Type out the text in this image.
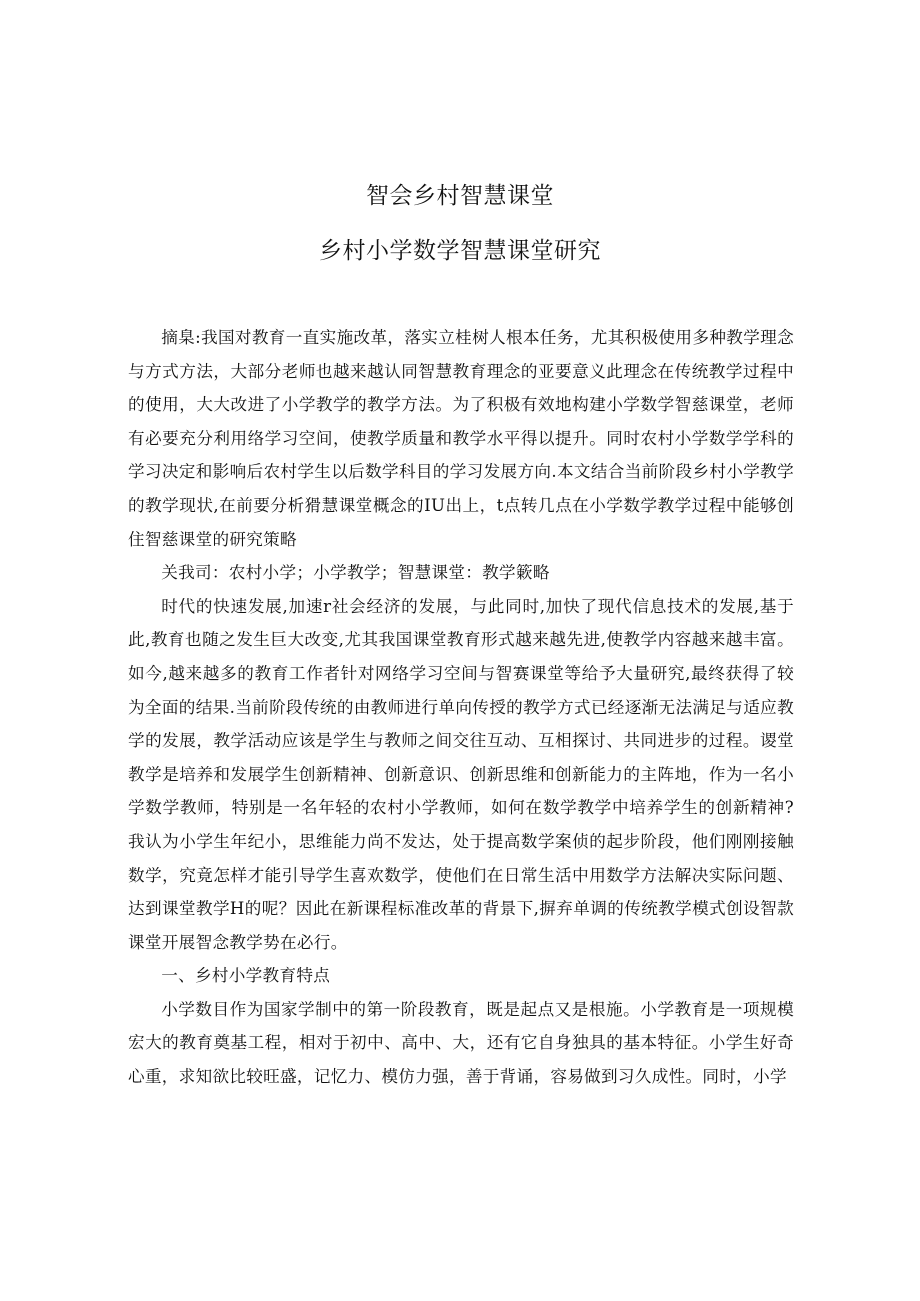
智会乡村智慧课堂
乡村小学数学智慧课堂研究

摘臬:我国对教育一直实施改革，落实立桂树人根本任务，尤其积极使用多种教学理念与方式方法，大部分老师也越来越认同智慧教育理念的亚要意义此理念在传统教学过程中的使用，大大改进了小学教学的教学方法。为了积极有效地构建小学数学智慈课堂，老师有必要充分利用络学习空间，使教学质量和教学水平得以提升。同时农村小学数学学科的学习决定和影响后农村学生以后数学科目的学习发展方向.本文结合当前阶段乡村小学教学的教学现状,在前要分析猾慧课堂概念的IU出上，t点转几点在小学数学教学过程中能够创住智慈课堂的研究策略

关我司：农村小学；小学教学；智慧课堂：教学簌略

时代的快速发展,加速r社会经济的发展，与此同时,加快了现代信息技术的发展,基于此,教育也随之发生巨大改变,尤其我国课堂教育形式越来越先进,使教学内容越来越丰富。如今,越来越多的教育工作者针对网络学习空间与智赛课堂等给予大量研究,最终获得了较为全面的结果.当前阶段传统的由教师进行单向传授的教学方式已经逐渐无法满足与适应教学的发展，教学活动应该是学生与教师之间交往互动、互相探讨、共同进步的过程。谡堂教学是培养和发展学生创新精神、创新意识、创新思维和创新能力的主阵地，作为一名小学数学教师，特别是一名年轻的农村小学教师，如何在数学教学中培养学生的创新精神?我认为小学生年纪小，思维能力尚不发达，处于提高数学案侦的起步阶段，他们刚刚接触数学，究竟怎样才能引导学生喜欢数学，使他们在日常生活中用数学方法解决实际问题、达到课堂教学H的呢？因此在新课程标准改革的背景下,摒弃单调的传统教学模式创设智款课堂开展智念教学势在必行。

一、乡村小学教育特点

小学数目作为国家学制中的第一阶段教育，既是起点又是根施。小学教育是一项规模宏大的教育奠基工程，相对于初中、高中、大，还有它自身独具的基本特征。小学生好奇心重，求知欲比较旺盛，记忆力、模仿力强，善于背诵，容易做到习久成性。同时，小学
